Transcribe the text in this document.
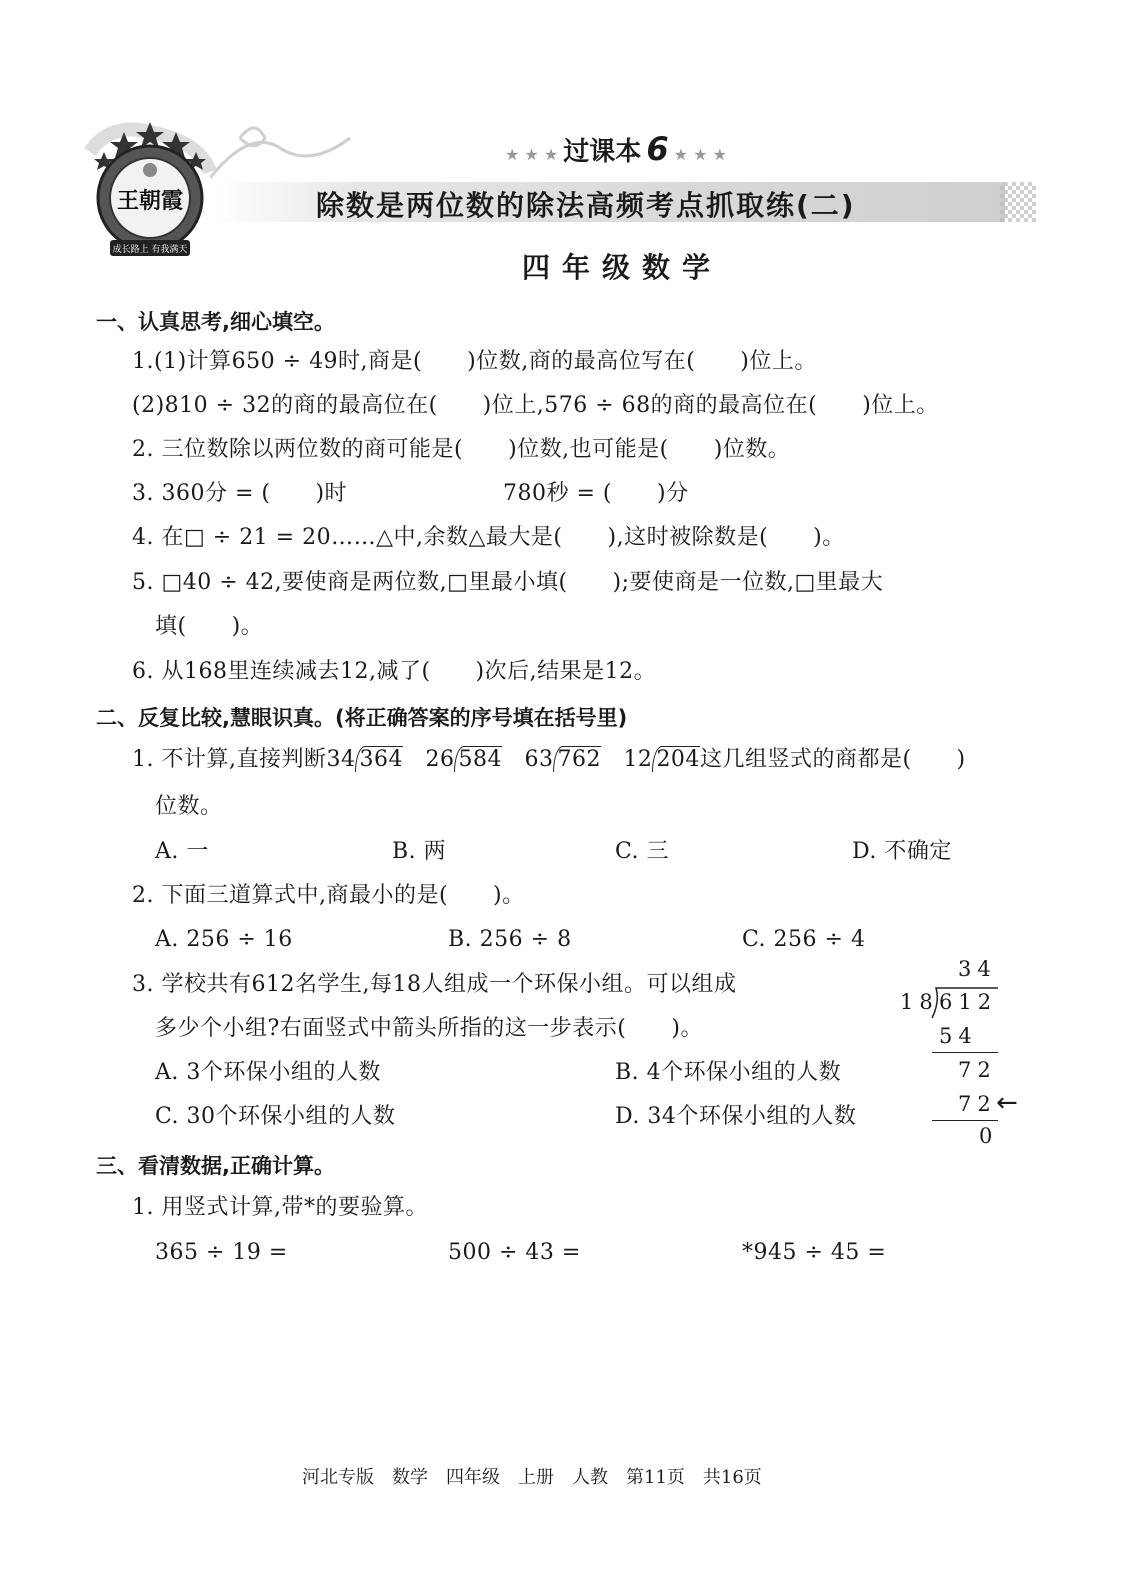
王朝霞
成长路上 有我满天
★ ★ ★ 过课本 6 ★ ★ ★
除数是两位数的除法高频考点抓取练(二)
四年级数学
一、认真思考,细心填空。
1.(1)计算650 ÷ 49时,商是(　　)位数,商的最高位写在(　　)位上。
(2)810 ÷ 32的商的最高位在(　　)位上,576 ÷ 68的商的最高位在(　　)位上。
2. 三位数除以两位数的商可能是(　　)位数,也可能是(　　)位数。
3. 360分 = (　　)时	780秒 = (　　)分
4. 在□ ÷ 21 = 20……△中,余数△最大是(　　),这时被除数是(　　)。
5. □40 ÷ 42,要使商是两位数,□里最小填(　　);要使商是一位数,□里最大
填(　　)。
6. 从168里连续减去12,减了(　　)次后,结果是12。
二、反复比较,慧眼识真。(将正确答案的序号填在括号里)
1. 不计算,直接判断34 364 26 584 63 762 12 204这几组竖式的商都是(　　)
位数。
A. 一	B. 两	C. 三	D. 不确定
2. 下面三道算式中,商最小的是(　　)。
A. 256 ÷ 16	B. 256 ÷ 8	C. 256 ÷ 4
3. 学校共有612名学生,每18人组成一个环保小组。可以组成
多少个小组?右面竖式中箭头所指的这一步表示(　　)。
A. 3个环保小组的人数	B. 4个环保小组的人数
C. 30个环保小组的人数	D. 34个环保小组的人数
34
18 612
54
72
72 ←
0
三、看清数据,正确计算。
1. 用竖式计算,带*的要验算。
365 ÷ 19 =	500 ÷ 43 =	*945 ÷ 45 =
河北专版　数学　四年级　上册　人教　第11页　共16页
